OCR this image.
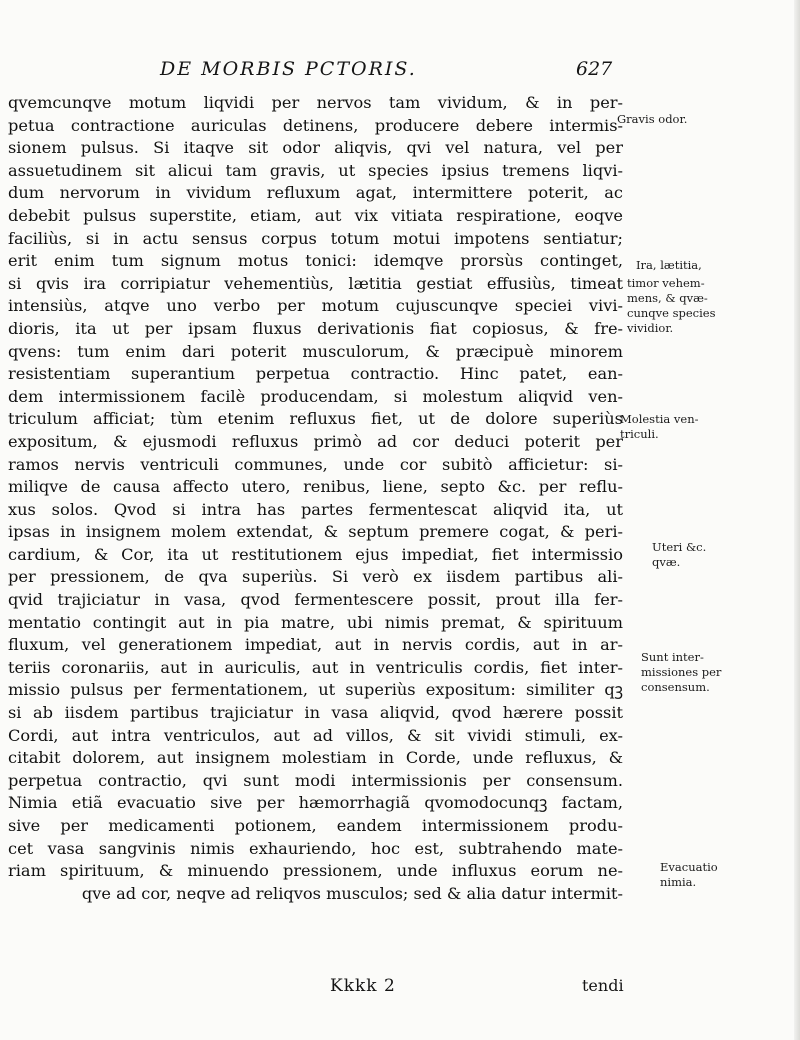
DE MORBIS PCTORIS.	627
qvemcunqve motum liqvidi per nervos tam vividum, & in per-
petua contractione auriculas detinens, producere debere intermis-
sionem pulsus. Si itaqve sit odor aliqvis, qvi vel natura, vel per
assuetudinem sit alicui tam gravis, ut species ipsius tremens liqvi-
dum nervorum in vividum refluxum agat, intermittere poterit, ac
debebit pulsus superstite, etiam, aut vix vitiata respiratione, eoqve
faciliùs, si in actu sensus corpus totum motui impotens sentiatur;
erit enim tum signum motus tonici: idemqve prorsùs continget,
si qvis ira corripiatur vehementiùs, lætitia gestiat effusiùs, timeat
intensiùs, atqve uno verbo per motum cujuscunqve speciei vivi-
dioris, ita ut per ipsam fluxus derivationis fiat copiosus, & fre-
qvens: tum enim dari poterit musculorum, & præcipuè minorem
resistentiam superantium perpetua contractio. Hinc patet, ean-
dem intermissionem facilè producendam, si molestum aliqvid ven-
triculum afficiat; tùm etenim refluxus fiet, ut de dolore superiùs
expositum, & ejusmodi refluxus primò ad cor deduci poterit per
ramos nervis ventriculi communes, unde cor subitò afficietur: si-
miliqve de causa affecto utero, renibus, liene, septo &c. per reflu-
xus solos. Qvod si intra has partes fermentescat aliqvid ita, ut
ipsas in insignem molem extendat, & septum premere cogat, & peri-
cardium, & Cor, ita ut restitutionem ejus impediat, fiet intermissio
per pressionem, de qva superiùs. Si verò ex iisdem partibus ali-
qvid trajiciatur in vasa, qvod fermentescere possit, prout illa fer-
mentatio contingit aut in pia matre, ubi nimis premat, & spirituum
fluxum, vel generationem impediat, aut in nervis cordis, aut in ar-
teriis coronariis, aut in auriculis, aut in ventriculis cordis, fiet inter-
missio pulsus per fermentationem, ut superiùs expositum: similiter qꝫ
si ab iisdem partibus trajiciatur in vasa aliqvid, qvod hærere possit
Cordi, aut intra ventriculos, aut ad villos, & sit vividi stimuli, ex-
citabit dolorem, aut insignem molestiam in Corde, unde refluxus, &
perpetua contractio, qvi sunt modi intermissionis per consensum.
Nimia etiã evacuatio sive per hæmorrhagiã qvomodocunqꝫ factam,
sive per medicamenti potionem, eandem intermissionem produ-
cet vasa sangvinis nimis exhauriendo, hoc est, subtrahendo mate-
riam spirituum, & minuendo pressionem, unde influxus eorum ne-
qve ad cor, neqve ad reliqvos musculos; sed & alia datur intermit-
Gravis odor.
Ira, lætitia,
timor vehem-
mens, & qvæ-
cunqve species
vividior.
Molestia ven-
triculi.
Uteri &c.
qvæ.
Sunt inter-
missiones per
consensum.
Evacuatio
nimia.
Kkkk 2	tendi
